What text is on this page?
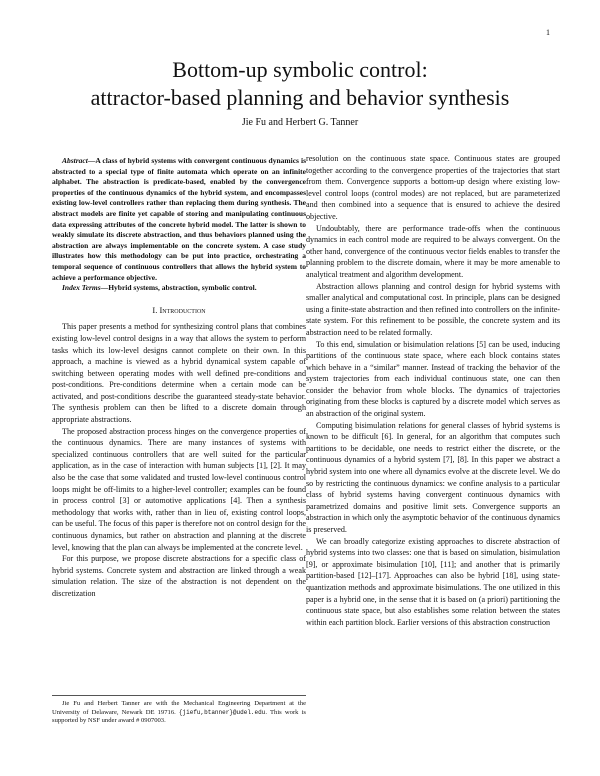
1
Bottom-up symbolic control:
attractor-based planning and behavior synthesis
Jie Fu and Herbert G. Tanner

Abstract—A class of hybrid systems with convergent continuous dynamics is abstracted to a special type of finite automata which operate on an infinite alphabet. The abstraction is predicate-based, enabled by the convergence properties of the continuous dynamics of the hybrid system, and encompasses existing low-level controllers rather than replacing them during synthesis. The abstract models are finite yet capable of storing and manipulating continuous data expressing attributes of the concrete hybrid model. The latter is shown to weakly simulate its discrete abstraction, and thus behaviors planned using the abstraction are always implementable on the concrete system. A case study illustrates how this methodology can be put into practice, orchestrating a temporal sequence of continuous controllers that allows the hybrid system to achieve a performance objective.

Index Terms—Hybrid systems, abstraction, symbolic control.

I. Introduction

This paper presents a method for synthesizing control plans that combines existing low-level control designs in a way that allows the system to perform tasks which its low-level designs cannot complete on their own. In this approach, a machine is viewed as a hybrid dynamical system capable of switching between operating modes with well defined pre-conditions and post-conditions. Pre-conditions determine when a certain mode can be activated, and post-conditions describe the guaranteed steady-state behavior. The synthesis problem can then be lifted to a discrete domain through appropriate abstractions.

The proposed abstraction process hinges on the convergence properties of the continuous dynamics. There are many instances of systems with specialized continuous controllers that are well suited for the particular application, as in the case of interaction with human subjects [1], [2]. It may also be the case that some validated and trusted low-level continuous control loops might be off-limits to a higher-level controller; examples can be found in process control [3] or automotive applications [4]. Then a synthesis methodology that works with, rather than in lieu of, existing control loops, can be useful. The focus of this paper is therefore not on control design for the continuous dynamics, but rather on abstraction and planning at the discrete level, knowing that the plan can always be implemented at the concrete level.

For this purpose, we propose discrete abstractions for a specific class of hybrid systems. Concrete system and abstraction are linked through a weak simulation relation. The size of the abstraction is not dependent on the discretization

Jie Fu and Herbert Tanner are with the Mechanical Engineering Department at the University of Delaware, Newark DE 19716. {jiefu,btanner}@udel.edu. This work is supported by NSF under award # 0907003.

resolution on the continuous state space. Continuous states are grouped together according to the convergence properties of the trajectories that start from them. Convergence supports a bottom-up design where existing low-level control loops (control modes) are not replaced, but are parameterized and then combined into a sequence that is ensured to achieve the desired objective.

Undoubtably, there are performance trade-offs when the continuous dynamics in each control mode are required to be always convergent. On the other hand, convergence of the continuous vector fields enables to transfer the planning problem to the discrete domain, where it may be more amenable to analytical treatment and algorithm development.

Abstraction allows planning and control design for hybrid systems with smaller analytical and computational cost. In principle, plans can be designed using a finite-state abstraction and then refined into controllers on the infinite-state system. For this refinement to be possible, the concrete system and its abstraction need to be related formally.

To this end, simulation or bisimulation relations [5] can be used, inducing partitions of the continuous state space, where each block contains states which behave in a “similar” manner. Instead of tracking the behavior of the system trajectories from each individual continuous state, one can then consider the behavior from whole blocks. The dynamics of trajectories originating from these blocks is captured by a discrete model which serves as an abstraction of the original system.

Computing bisimulation relations for general classes of hybrid systems is known to be difficult [6]. In general, for an algorithm that computes such partitions to be decidable, one needs to restrict either the discrete, or the continuous dynamics of a hybrid system [7], [8]. In this paper we abstract a hybrid system into one where all dynamics evolve at the discrete level. We do so by restricting the continuous dynamics: we confine analysis to a particular class of hybrid systems having convergent continuous dynamics with parametrized domains and positive limit sets. Convergence supports an abstraction in which only the asymptotic behavior of the continuous dynamics is preserved.

We can broadly categorize existing approaches to discrete abstraction of hybrid systems into two classes: one that is based on simulation, bisimulation [9], or approximate bisimulation [10], [11]; and another that is primarily partition-based [12]–[17]. Approaches can also be hybrid [18], using state-quantization methods and approximate bisimulations. The one utilized in this paper is a hybrid one, in the sense that it is based on (a priori) partitioning the continuous state space, but also establishes some relation between the states within each partition block. Earlier versions of this abstraction construction
